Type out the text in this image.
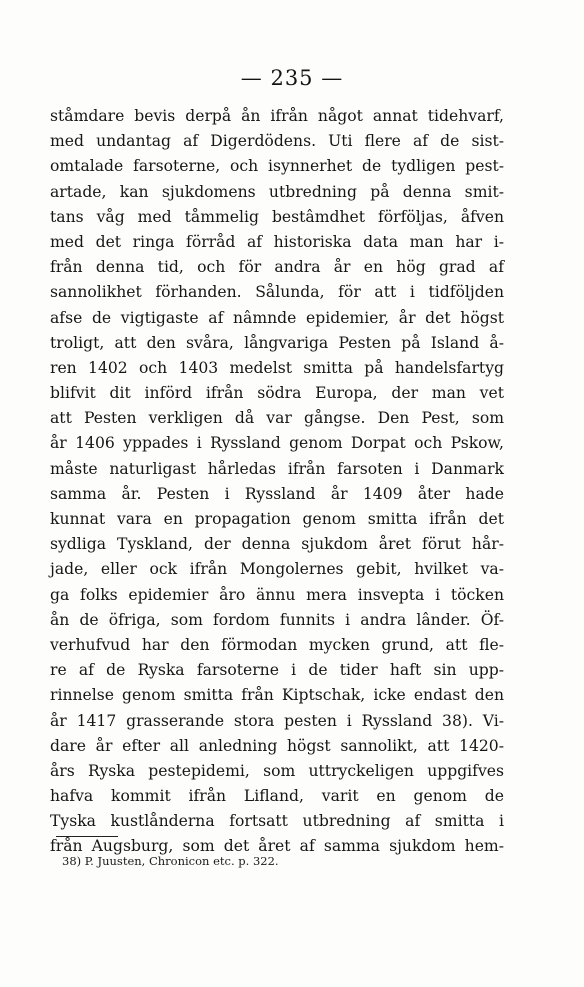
— 235 —
ståmdare bevis derpå ån ifrån något annat tidehvarf,
med undantag af Digerdödens. Uti flere af de sist-
omtalade farsoterne, och isynnerhet de tydligen pest-
artade, kan sjukdomens utbredning på denna smit-
tans våg med tåmmelig bestâmdhet förföljas, åfven
med det ringa förråd af historiska data man har i-
från denna tid, och för andra år en hög grad af
sannolikhet förhanden. Sålunda, för att i tidföljden
afse de vigtigaste af nâmnde epidemier, år det högst
troligt, att den svåra, långvariga Pesten på Island å-
ren 1402 och 1403 medelst smitta på handelsfartyg
blifvit dit införd ifrån södra Europa, der man vet
att Pesten verkligen då var gångse. Den Pest, som
år 1406 yppades i Ryssland genom Dorpat och Pskow,
måste naturligast hårledas ifrån farsoten i Danmark
samma år. Pesten i Ryssland år 1409 åter hade
kunnat vara en propagation genom smitta ifrån det
sydliga Tyskland, der denna sjukdom året förut hår-
jade, eller ock ifrån Mongolernes gebit, hvilket va-
ga folks epidemier åro ännu mera insvepta i töcken
ån de öfriga, som fordom funnits i andra lânder. Öf-
verhufvud har den förmodan mycken grund, att fle-
re af de Ryska farsoterne i de tider haft sin upp-
rinnelse genom smitta från Kiptschak, icke endast den
år 1417 grasserande stora pesten i Ryssland 38). Vi-
dare år efter all anledning högst sannolikt, att 1420-
års Ryska pestepidemi, som uttryckeligen uppgifves
hafva kommit ifrån Lifland, varit en genom de
Tyska kustlånderna fortsatt utbredning af smitta i
från Augsburg, som det året af samma sjukdom hem-
38) P. Juusten, Chronicon etc. p. 322.
